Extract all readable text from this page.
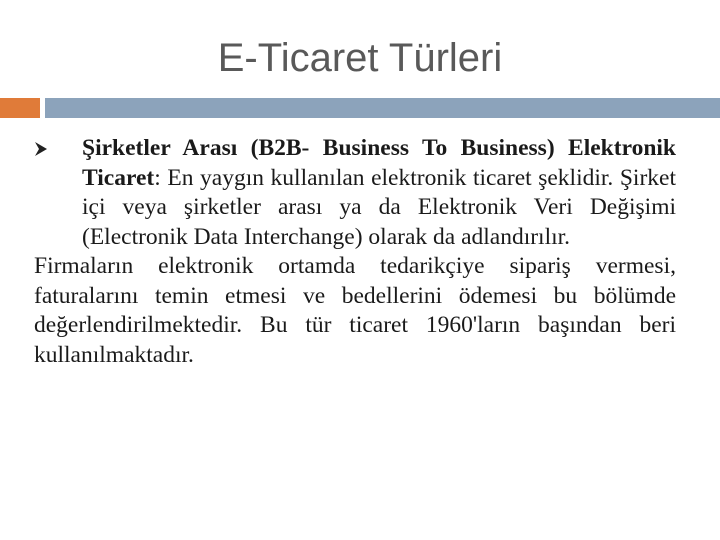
E-Ticaret Türleri
Şirketler Arası (B2B- Business To Business) Elektronik Ticaret: En yaygın kullanılan elektronik ticaret şeklidir. Şirket içi veya şirketler arası ya da Elektronik Veri Değişimi (Electronik Data Interchange) olarak da adlandırılır.
Firmaların elektronik ortamda tedarikçiye sipariş vermesi, faturalarını temin etmesi ve bedellerini ödemesi bu bölümde değerlendirilmektedir. Bu tür ticaret 1960'ların başından beri kullanılmaktadır.
